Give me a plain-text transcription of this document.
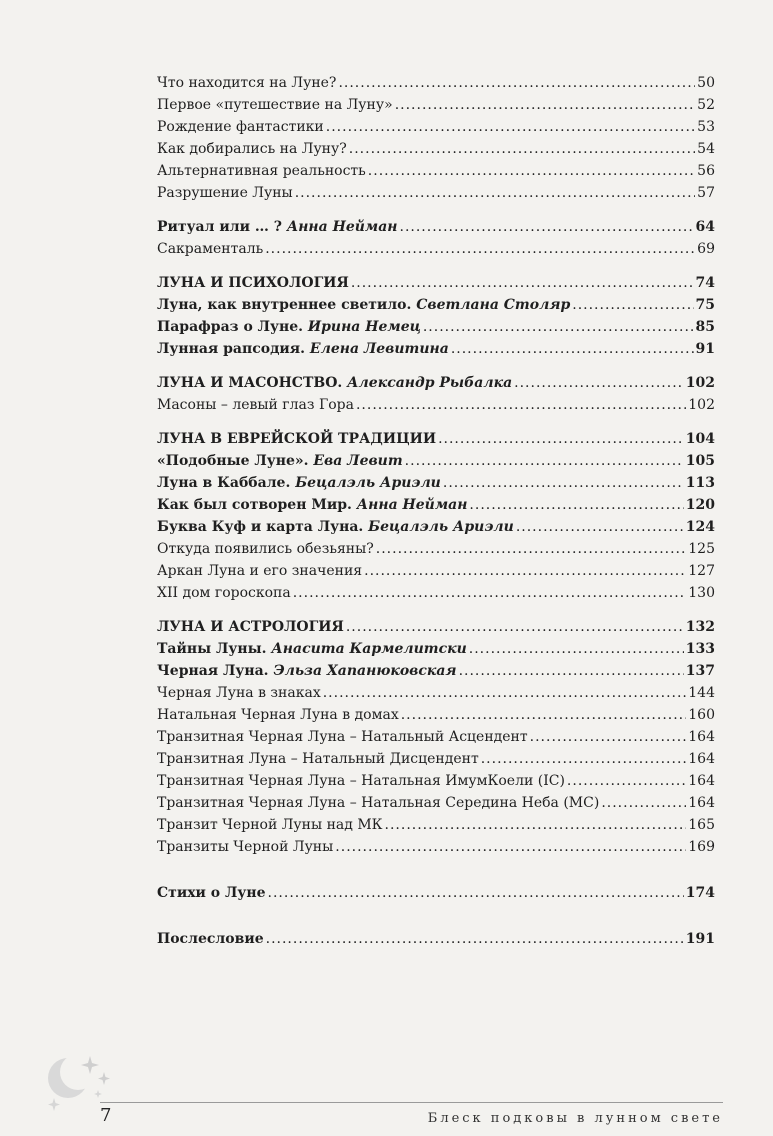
Что находится на Луне? .....	50
Первое «путешествие на Луну» .....	52
Рождение фантастики .....	53
Как добирались на Луну? .....	54
Альтернативная реальность .....	56
Разрушение Луны .....	57
Ритуал или … ? Анна Нейман .....	64
Сакраменталь .....	69
ЛУНА И ПСИХОЛОГИЯ .....	74
Луна, как внутреннее светило. Светлана Столяр .....	75
Парафраз о Луне. Ирина Немец .....	85
Лунная рапсодия. Елена Левитина .....	91
ЛУНА И МАСОНСТВО. Александр Рыбалка .....	102
Масоны – левый глаз Гора .....	102
ЛУНА В ЕВРЕЙСКОЙ ТРАДИЦИИ .....	104
«Подобные Луне». Ева Левит .....	105
Луна в Каббале. Бецалэль Ариэли .....	113
Как был сотворен Мир. Анна Нейман .....	120
Буква Куф и карта Луна. Бецалэль Ариэли .....	124
Откуда появились обезьяны? .....	125
Аркан Луна и его значения .....	127
XII дом гороскопа .....	130
ЛУНА И АСТРОЛОГИЯ .....	132
Тайны Луны. Анасита Кармелитски .....	133
Черная Луна. Эльза Хапанюковская .....	137
Черная Луна в знаках .....	144
Натальная Черная Луна в домах .....	160
Транзитная Черная Луна – Натальный Асцендент .....	164
Транзитная Луна – Натальный Дисцендент .....	164
Транзитная Черная Луна – Натальная ИмумКоели (IC) .....	164
Транзитная Черная Луна – Натальная Середина Неба (МС) .....	164
Транзит Черной Луны над МК .....	165
Транзиты Черной Луны .....	169
Стихи о Луне .....	174
Послесловие .....	191
7	Блеск подковы в лунном свете
